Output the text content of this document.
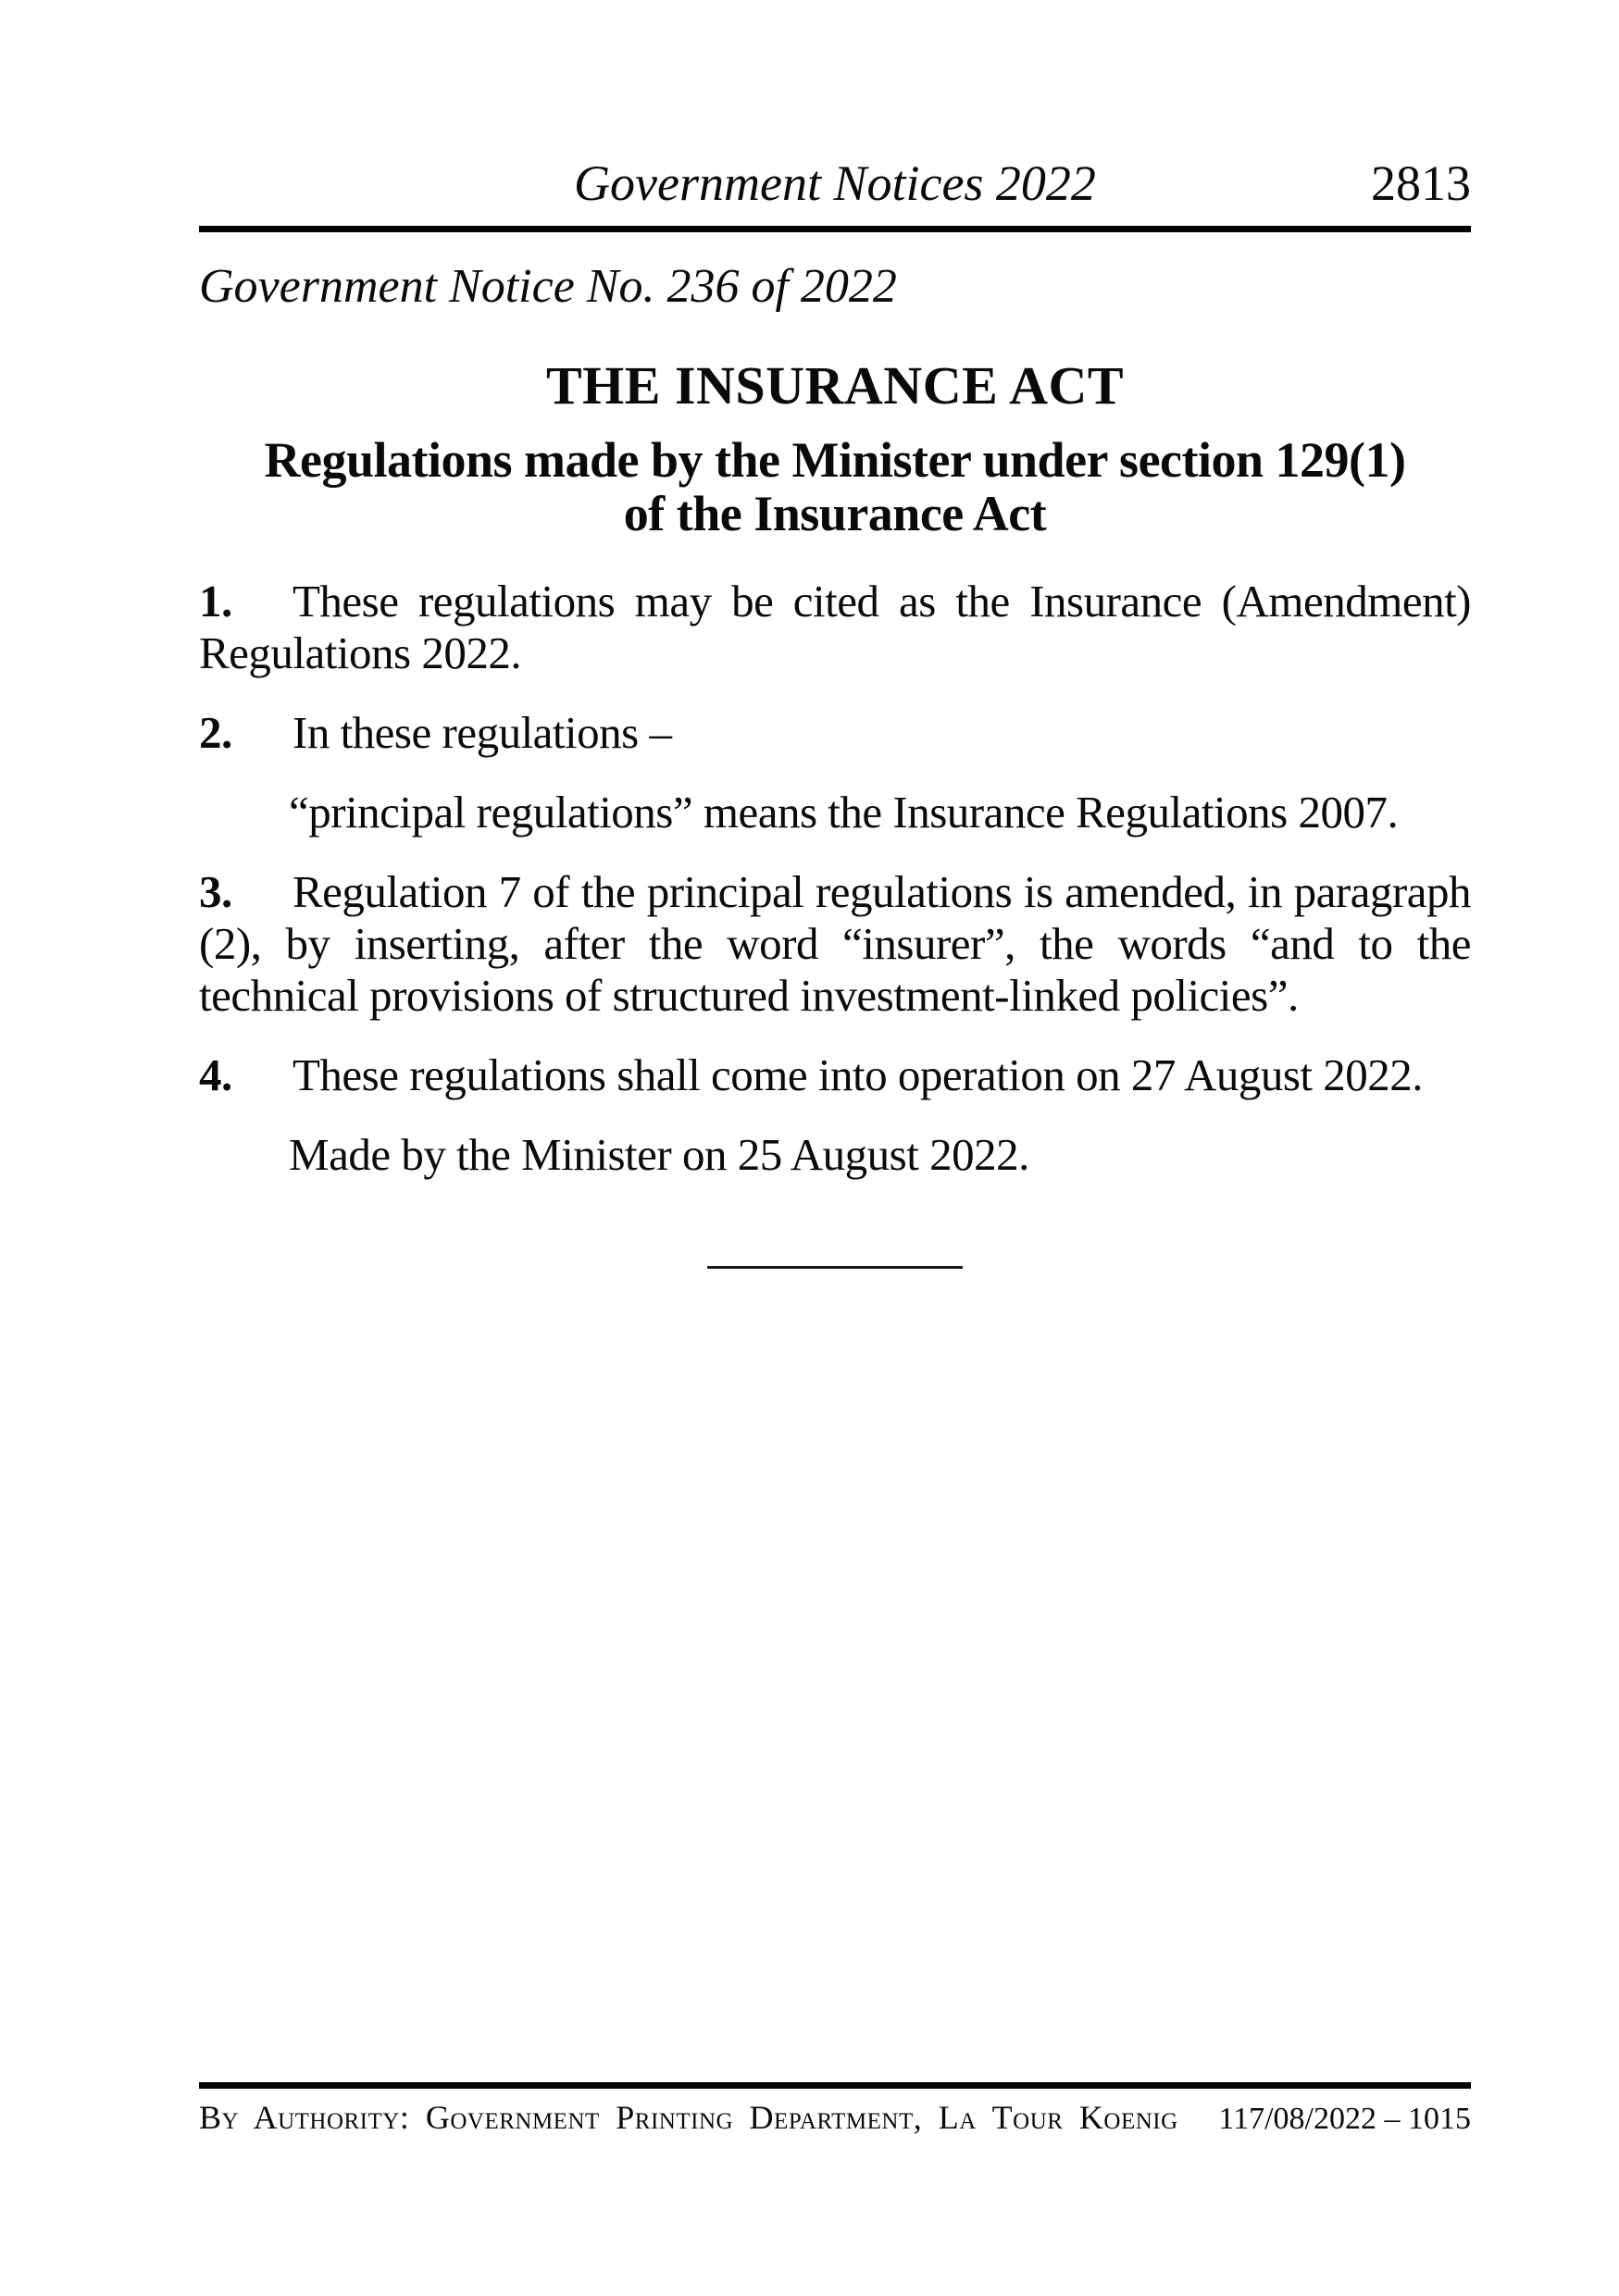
Government Notices 2022	2813
Government Notice No. 236 of 2022
THE INSURANCE ACT
Regulations made by the Minister under section 129(1)
of the Insurance Act

1. These regulations may be cited as the Insurance (Amendment) Regulations 2022.

2. In these regulations –

“principal regulations” means the Insurance Regulations 2007.

3. Regulation 7 of the principal regulations is amended, in paragraph (2), by inserting, after the word “insurer”, the words “and to the technical provisions of structured investment-linked policies”.

4. These regulations shall come into operation on 27 August 2022.

Made by the Minister on 25 August 2022.

By Authority: Government Printing Department, La Tour Koenig 117/08/2022 – 1015
